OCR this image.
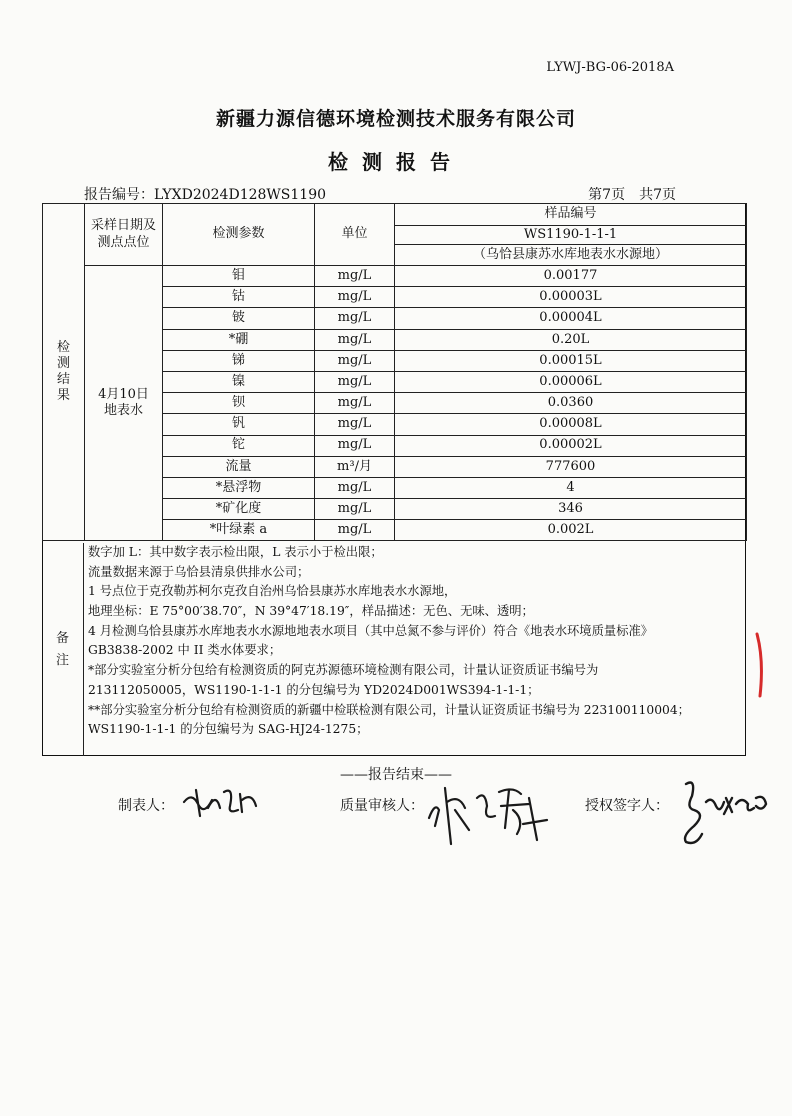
LYWJ-BG-06-2018A
新疆力源信德环境检测技术服务有限公司
检测报告
报告编号：LYXD2024D128WS1190	第7页　共7页
检
测
结
果	采样日期及
测点点位	检测参数	单位	样品编号
				WS1190-1-1-1
				（乌恰县康苏水库地表水水源地）
	4月10日
地表水	钼	mg/L	0.00177
		钴	mg/L	0.00003L
		铍	mg/L	0.00004L
		*硼	mg/L	0.20L
		锑	mg/L	0.00015L
		镍	mg/L	0.00006L
		钡	mg/L	0.0360
		钒	mg/L	0.00008L
		铊	mg/L	0.00002L
		流量	m³/月	777600
		*悬浮物	mg/L	4
		*矿化度	mg/L	346
		*叶绿素 a	mg/L	0.002L
备
注
数字加 L：其中数字表示检出限，L 表示小于检出限；
流量数据来源于乌恰县清泉供排水公司；
1 号点位于克孜勒苏柯尔克孜自治州乌恰县康苏水库地表水水源地，
地理坐标：E 75°00′38.70″，N 39°47′18.19″，样品描述：无色、无味、透明；
4 月检测乌恰县康苏水库地表水水源地地表水项目（其中总氮不参与评价）符合《地表水环境质量标准》
GB3838-2002 中 II 类水体要求；
*部分实验室分析分包给有检测资质的阿克苏源德环境检测有限公司，计量认证资质证书编号为
213112050005，WS1190-1-1-1 的分包编号为 YD2024D001WS394-1-1-1；
**部分实验室分析分包给有检测资质的新疆中检联检测有限公司，计量认证资质证书编号为 223100110004；
WS1190-1-1-1 的分包编号为 SAG-HJ24-1275；
——报告结束——
制表人：	质量审核人：	授权签字人：
